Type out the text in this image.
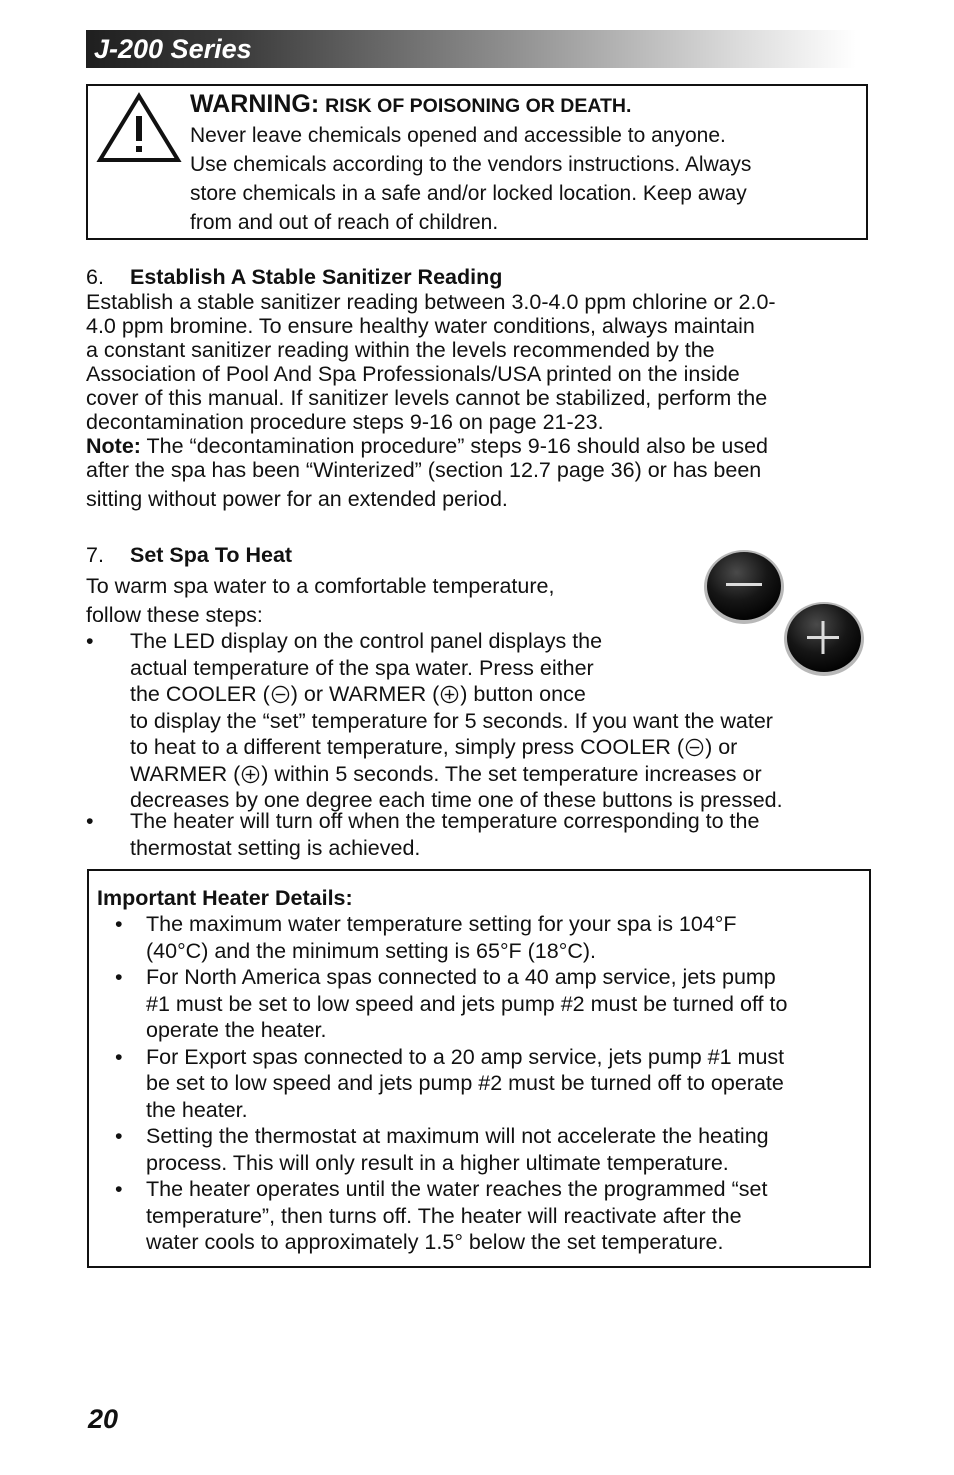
J-200 Series
WARNING: RISK OF POISONING OR DEATH.
Never leave chemicals opened and accessible to anyone.
Use chemicals according to the vendors instructions. Always
store chemicals in a safe and/or locked location. Keep away
from and out of reach of children.
6. Establish A Stable Sanitizer Reading
Establish a stable sanitizer reading between 3.0-4.0 ppm chlorine or 2.0-
4.0 ppm bromine. To ensure healthy water conditions, always maintain
a constant sanitizer reading within the levels recommended by the
Association of Pool And Spa Professionals/USA printed on the inside
cover of this manual. If sanitizer levels cannot be stabilized, perform the
decontamination procedure steps 9-16 on page 21-23.
Note: The “decontamination procedure” steps 9-16 should also be used
after the spa has been “Winterized” (section 12.7 page 36) or has been
sitting without power for an extended period.
7. Set Spa To Heat
To warm spa water to a comfortable temperature,
follow these steps:
• The LED display on the control panel displays the
actual temperature of the spa water. Press either
the COOLER ( ) or WARMER ( ) button once
to display the “set” temperature for 5 seconds. If you want the water
to heat to a different temperature, simply press COOLER ( ) or
WARMER ( ) within 5 seconds. The set temperature increases or
decreases by one degree each time one of these buttons is pressed.
• The heater will turn off when the temperature corresponding to the
thermostat setting is achieved.
Important Heater Details:
• The maximum water temperature setting for your spa is 104°F
(40°C) and the minimum setting is 65°F (18°C).
• For North America spas connected to a 40 amp service, jets pump
#1 must be set to low speed and jets pump #2 must be turned off to
operate the heater.
• For Export spas connected to a 20 amp service, jets pump #1 must
be set to low speed and jets pump #2 must be turned off to operate
the heater.
• Setting the thermostat at maximum will not accelerate the heating
process. This will only result in a higher ultimate temperature.
• The heater operates until the water reaches the programmed “set
temperature”, then turns off. The heater will reactivate after the
water cools to approximately 1.5° below the set temperature.
20
